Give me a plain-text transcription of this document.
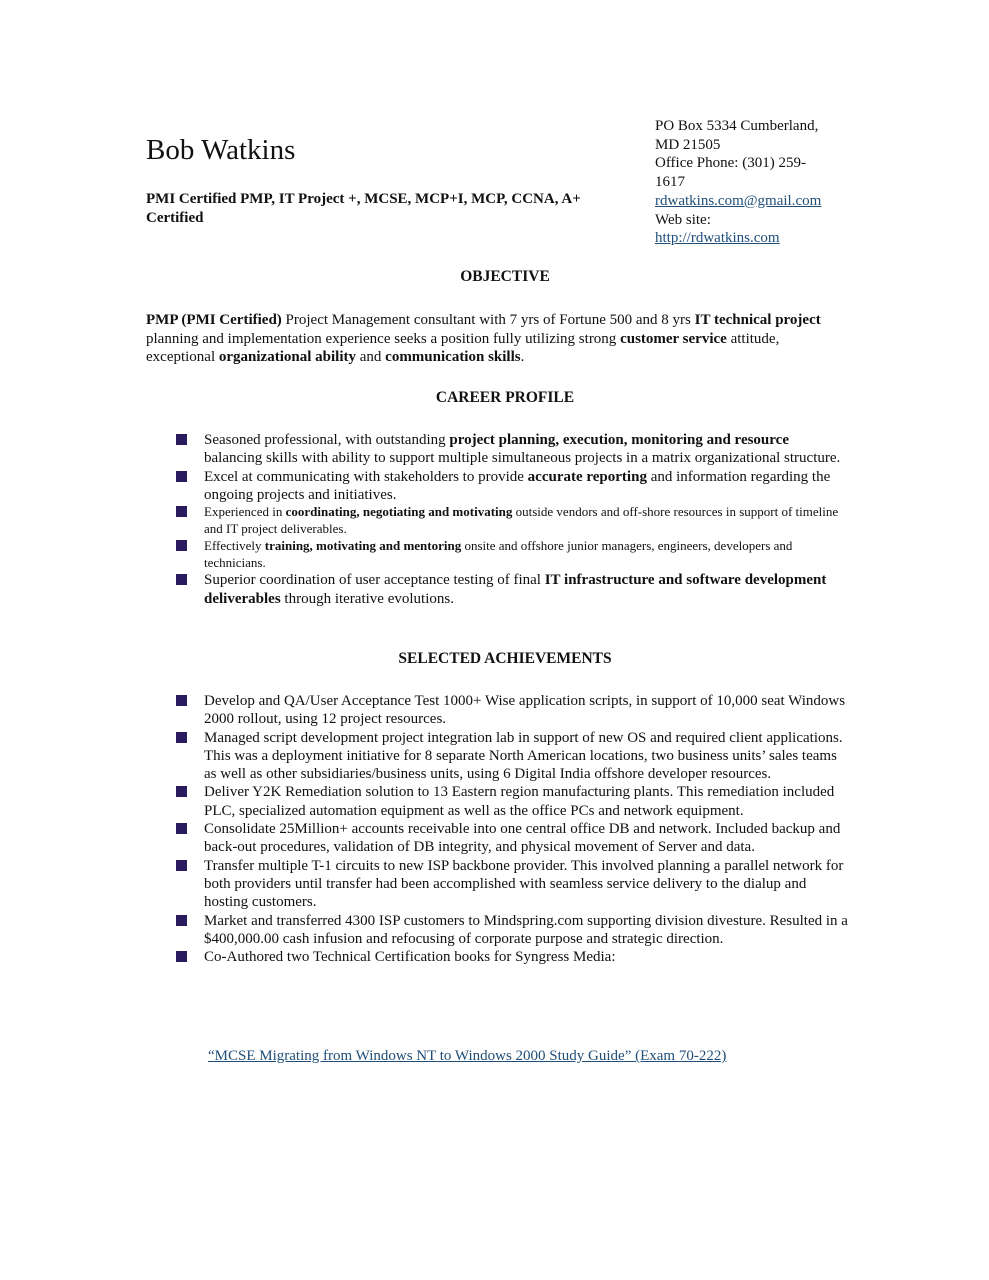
Bob Watkins
PMI Certified PMP, IT Project +, MCSE, MCP+I, MCP, CCNA, A+ Certified
PO Box 5334 Cumberland,
MD 21505
Office Phone: (301) 259-
1617
rdwatkins.com@gmail.com
Web site:
http://rdwatkins.com
OBJECTIVE
PMP (PMI Certified) Project Management consultant with 7 yrs of Fortune 500 and 8 yrs IT technical project planning and implementation experience seeks a position fully utilizing strong customer service attitude, exceptional organizational ability and communication skills.
CAREER PROFILE
Seasoned professional, with outstanding project planning, execution, monitoring and resource balancing skills with ability to support multiple simultaneous projects in a matrix organizational structure.
Excel at communicating with stakeholders to provide accurate reporting and information regarding the ongoing projects and initiatives.
Experienced in coordinating, negotiating and motivating outside vendors and off-shore resources in support of timeline and IT project deliverables.
Effectively training, motivating and mentoring onsite and offshore junior managers, engineers, developers and technicians.
Superior coordination of user acceptance testing of final IT infrastructure and software development deliverables through iterative evolutions.
SELECTED ACHIEVEMENTS
Develop and QA/User Acceptance Test 1000+ Wise application scripts, in support of 10,000 seat Windows 2000 rollout, using 12 project resources.
Managed script development project integration lab in support of new OS and required client applications. This was a deployment initiative for 8 separate North American locations, two business units’ sales teams as well as other subsidiaries/business units, using 6 Digital India offshore developer resources.
Deliver Y2K Remediation solution to 13 Eastern region manufacturing plants. This remediation included PLC, specialized automation equipment as well as the office PCs and network equipment.
Consolidate 25Million+ accounts receivable into one central office DB and network. Included backup and back-out procedures, validation of DB integrity, and physical movement of Server and data.
Transfer multiple T-1 circuits to new ISP backbone provider. This involved planning a parallel network for both providers until transfer had been accomplished with seamless service delivery to the dialup and hosting customers.
Market and transferred 4300 ISP customers to Mindspring.com supporting division divesture. Resulted in a $400,000.00 cash infusion and refocusing of corporate purpose and strategic direction.
Co-Authored two Technical Certification books for Syngress Media:
“MCSE Migrating from Windows NT to Windows 2000 Study Guide” (Exam 70-222)
